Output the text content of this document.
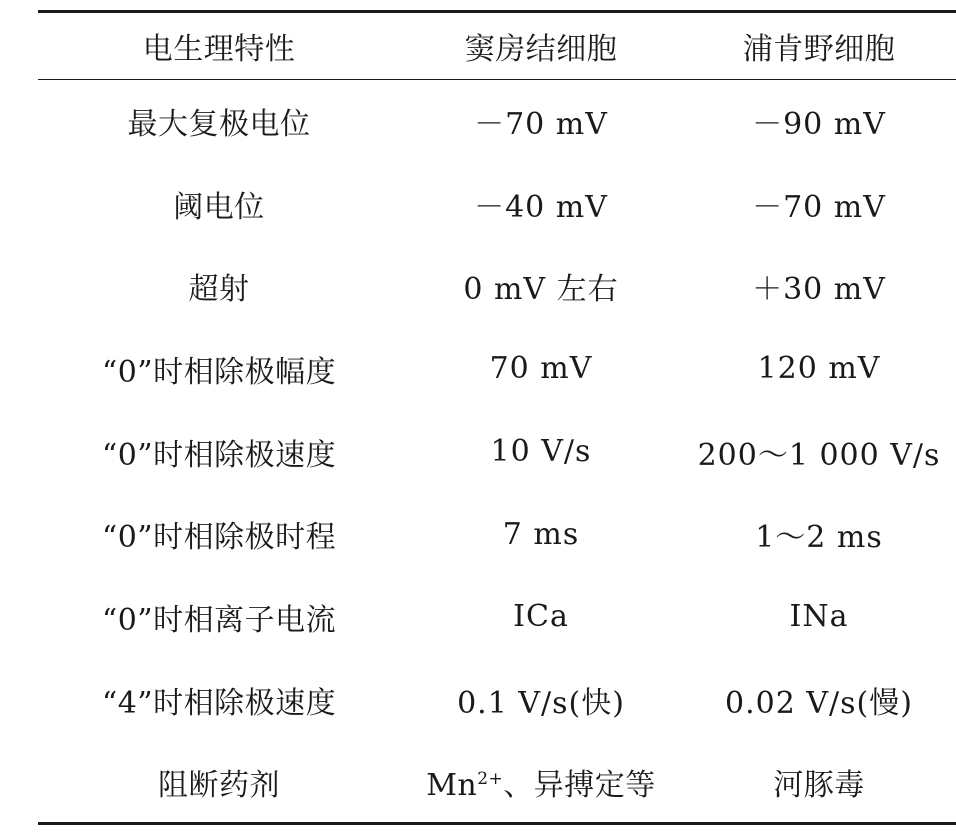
电生理特性	窦房结细胞	浦肯野细胞
最大复极电位	－70 mV	－90 mV
阈电位	－40 mV	－70 mV
超射	0 mV 左右	＋30 mV
“0”时相除极幅度	70 mV	120 mV
“0”时相除极速度	10 V/s	200～1 000 V/s
“0”时相除极时程	7 ms	1～2 ms
“0”时相离子电流	ICa	INa
“4”时相除极速度	0.1 V/s(快)	0.02 V/s(慢)
阻断药剂	$Mn^{2+}$、异搏定等	河豚毒
